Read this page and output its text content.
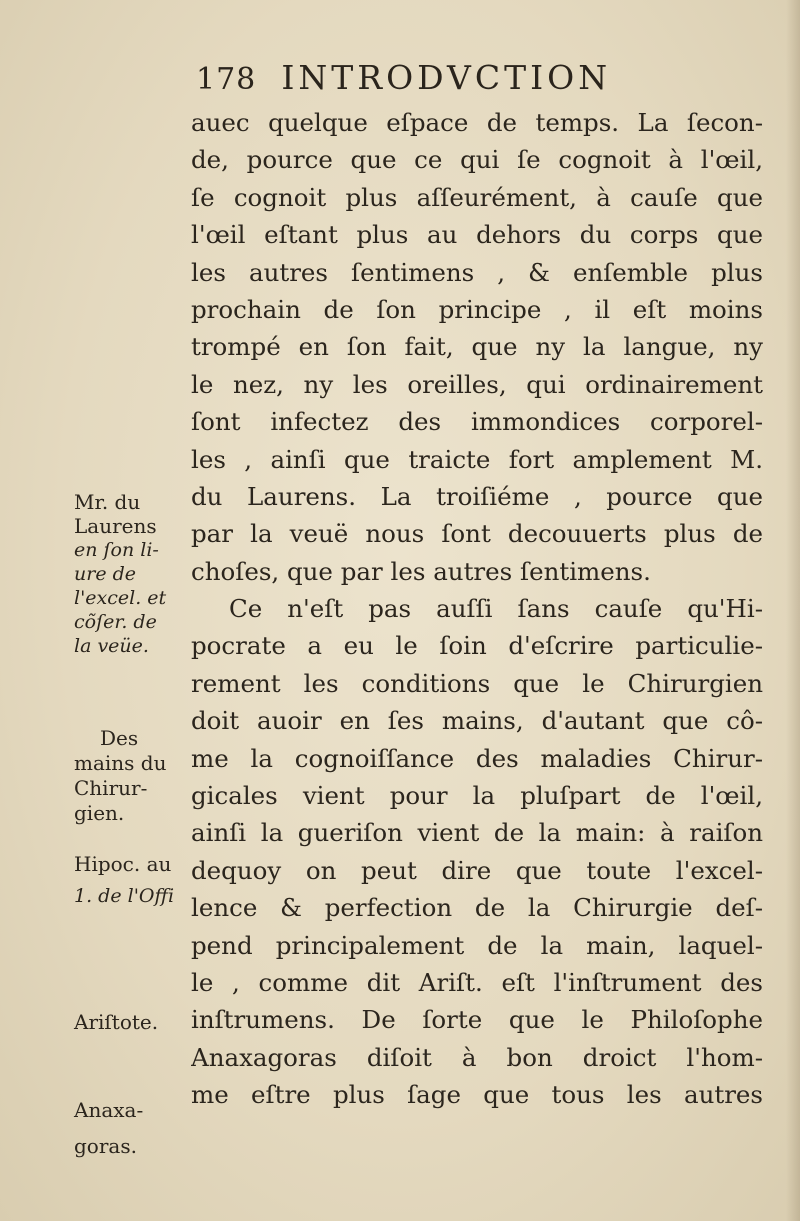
178 INTRODVCTION
auec quelque eſpace de temps. La ſecon-
de, pource que ce qui ſe cognoit à l'œil,
ſe cognoit plus aſſeurément, à cauſe que
l'œil eſtant plus au dehors du corps que
les autres ſentimens , & enſemble plus
prochain de ſon principe , il eſt moins
trompé en ſon fait, que ny la langue, ny
le nez, ny les oreilles, qui ordinairement
ſont infectez des immondices corporel-
les , ainſi que traicte fort amplement M.
du Laurens. La troiſiéme , pource que
par la veuë nous ſont decouuerts plus de
choſes, que par les autres ſentimens.
Ce n'eſt pas auſſi ſans cauſe qu'Hi-
pocrate a eu le ſoin d'eſcrire particulie-
rement les conditions que le Chirurgien
doit auoir en ſes mains, d'autant que cô-
me la cognoiſſance des maladies Chirur-
gicales vient pour la pluſpart de l'œil,
ainſi la gueriſon vient de la main: à raiſon
dequoy on peut dire que toute l'excel-
lence & perfection de la Chirurgie deſ-
pend principalement de la main, laquel-
le , comme dit Ariſt. eſt l'inſtrument des
inſtrumens. De ſorte que le Philoſophe
Anaxagoras diſoit à bon droict l'hom-
me eſtre plus ſage que tous les autres
Mr. du
Laurens
en ſon li-
ure de
l'excel. et
cõſer. de
la veüe.
Des
mains du
Chirur-
gien.
Hipoc. au
1. de l'Offi
Ariſtote.
Anaxa-
goras.
